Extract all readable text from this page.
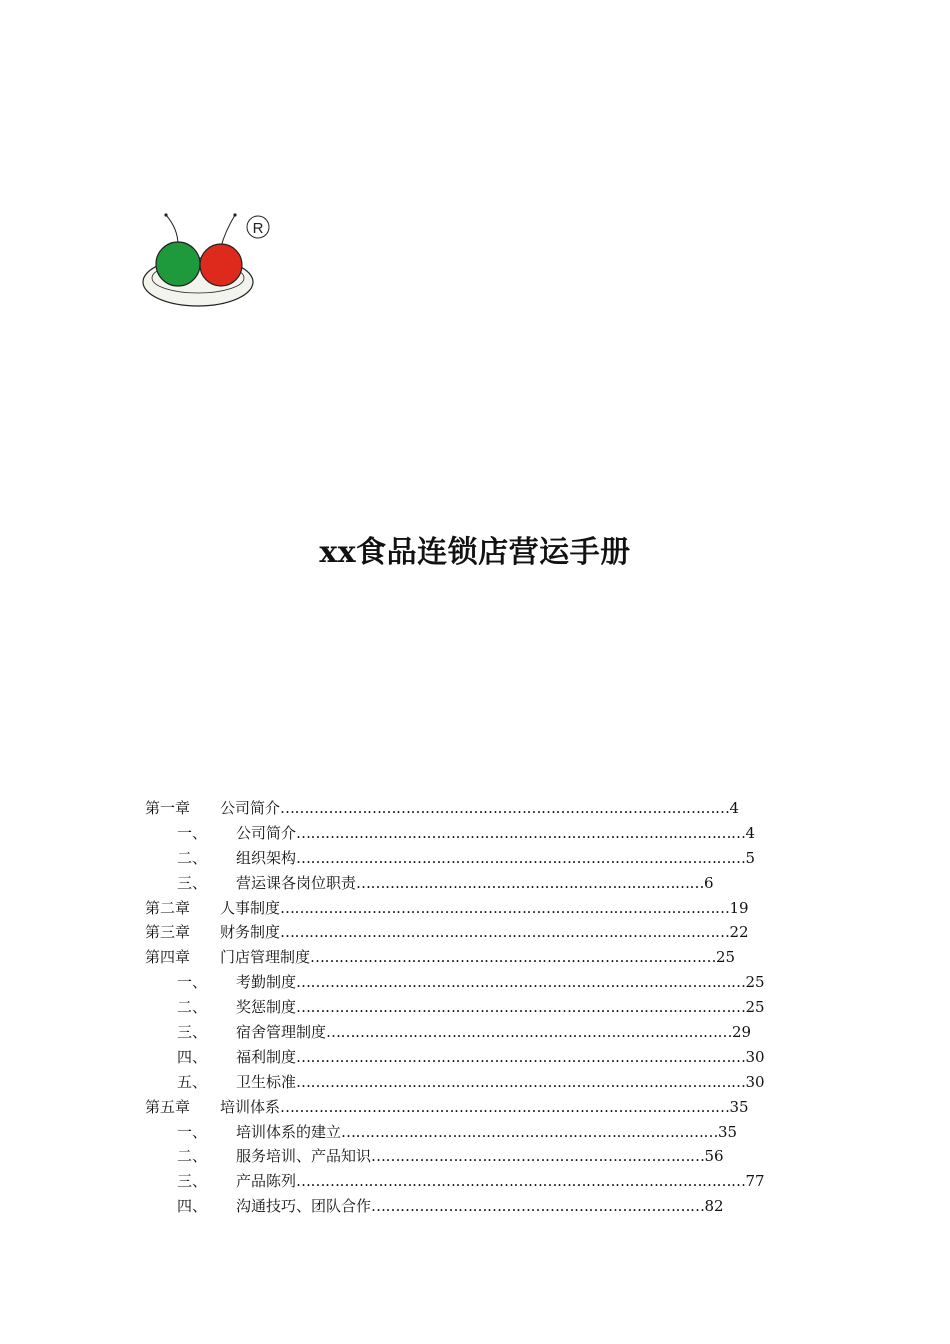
R
xx食品连锁店营运手册
第一章	公司简介 ………………………………………………………………………………… 4
一、	公司简介 ………………………………………………………………………………… 4
二、	组织架构 ………………………………………………………………………………… 5
三、	营运课各岗位职责 ……………………………………………………………… 6
第二章	人事制度 ………………………………………………………………………………… 19
第三章	财务制度 ………………………………………………………………………………… 22
第四章	门店管理制度 ………………………………………………………………………… 25
一、	考勤制度 ………………………………………………………………………………… 25
二、	奖惩制度 ………………………………………………………………………………… 25
三、	宿舍管理制度 ………………………………………………………………………… 29
四、	福利制度 ………………………………………………………………………………… 30
五、	卫生标准 ………………………………………………………………………………… 30
第五章	培训体系 ………………………………………………………………………………… 35
一、	培训体系的建立 …………………………………………………………………… 35
二、	服务培训、产品知识 …………………………………………………………… 56
三、	产品陈列 ………………………………………………………………………………… 77
四、	沟通技巧、团队合作 …………………………………………………………… 82
